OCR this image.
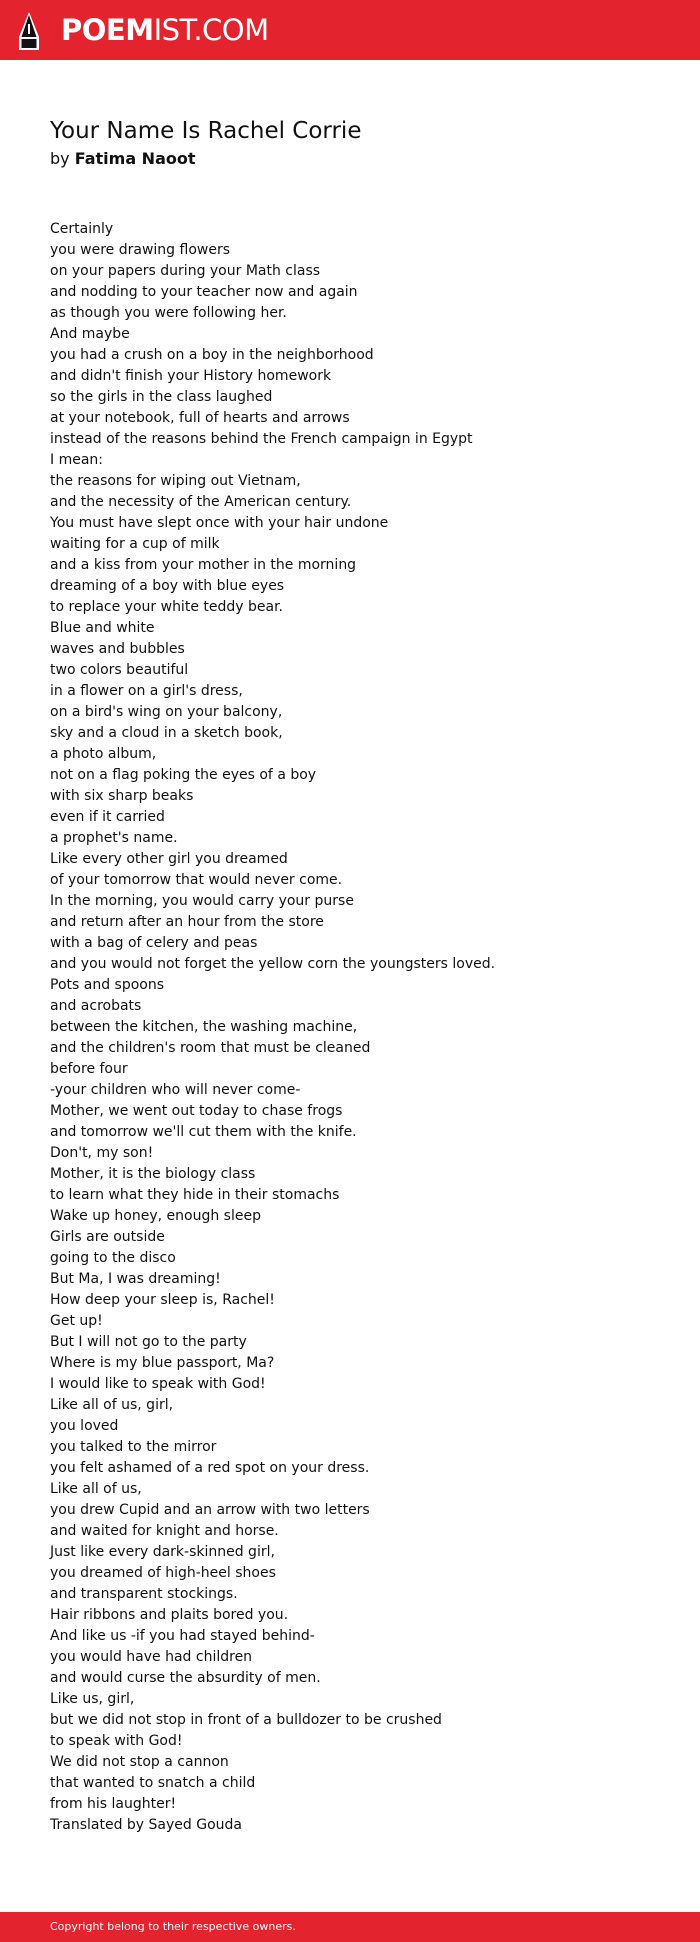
POEMIST.COM
Your Name Is Rachel Corrie
by Fatima Naoot
Certainly
you were drawing flowers
on your papers during your Math class
and nodding to your teacher now and again
as though you were following her.
And maybe
you had a crush on a boy in the neighborhood
and didn't finish your History homework
so the girls in the class laughed
at your notebook, full of hearts and arrows
instead of the reasons behind the French campaign in Egypt
I mean:
the reasons for wiping out Vietnam,
and the necessity of the American century.
You must have slept once with your hair undone
waiting for a cup of milk
and a kiss from your mother in the morning
dreaming of a boy with blue eyes
to replace your white teddy bear.
Blue and white
waves and bubbles
two colors beautiful
in a flower on a girl's dress,
on a bird's wing on your balcony,
sky and a cloud in a sketch book,
a photo album,
not on a flag poking the eyes of a boy
with six sharp beaks
even if it carried
a prophet's name.
Like every other girl you dreamed
of your tomorrow that would never come.
In the morning, you would carry your purse
and return after an hour from the store
with a bag of celery and peas
and you would not forget the yellow corn the youngsters loved.
Pots and spoons
and acrobats
between the kitchen, the washing machine,
and the children's room that must be cleaned
before four
-your children who will never come-
Mother, we went out today to chase frogs
and tomorrow we'll cut them with the knife.
Don't, my son!
Mother, it is the biology class
to learn what they hide in their stomachs
Wake up honey, enough sleep
Girls are outside
going to the disco
But Ma, I was dreaming!
How deep your sleep is, Rachel!
Get up!
But I will not go to the party
Where is my blue passport, Ma?
I would like to speak with God!
Like all of us, girl,
you loved
you talked to the mirror
you felt ashamed of a red spot on your dress.
Like all of us,
you drew Cupid and an arrow with two letters
and waited for knight and horse.
Just like every dark-skinned girl,
you dreamed of high-heel shoes
and transparent stockings.
Hair ribbons and plaits bored you.
And like us -if you had stayed behind-
you would have had children
and would curse the absurdity of men.
Like us, girl,
but we did not stop in front of a bulldozer to be crushed
to speak with God!
We did not stop a cannon
that wanted to snatch a child
from his laughter!
Translated by Sayed Gouda
Copyright belong to their respective owners.
